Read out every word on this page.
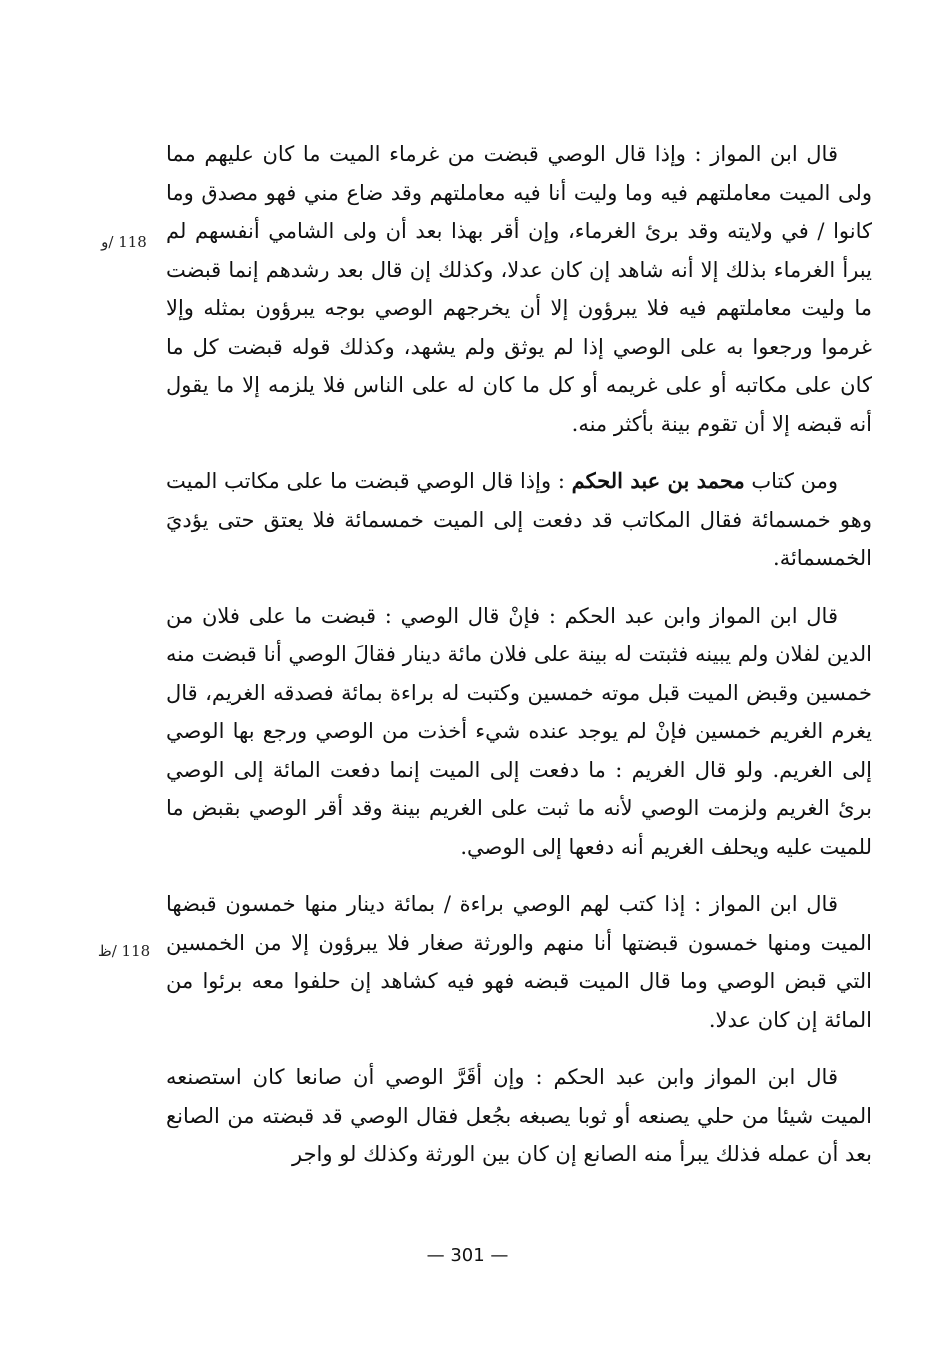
118 /و
118 /ظ

قال ابن المواز : وإذا قال الوصي قبضت من غرماء الميت ما كان عليهم مما ولى الميت معاملتهم فيه وما وليت أنا فيه معاملتهم وقد ضاع مني فهو مصدق وما كانوا / في ولايته وقد برئ الغرماء، وإن أقر بهذا بعد أن ولى الشامي أنفسهم لم يبرأ الغرماء بذلك إلا أنه شاهد إن كان عدلا، وكذلك إن قال بعد رشدهم إنما قبضت ما وليت معاملتهم فيه فلا يبرؤون إلا أن يخرجهم الوصي بوجه يبرؤون بمثله وإلا غرموا ورجعوا به على الوصي إذا لم يوثق ولم يشهد، وكذلك قوله قبضت كل ما كان على مكاتبه أو على غريمه أو كل ما كان له على الناس فلا يلزمه إلا ما يقول أنه قبضه إلا أن تقوم بينة بأكثر منه.

ومن كتاب محمد بن عبد الحكم : وإذا قال الوصي قبضت ما على مكاتب الميت وهو خمسمائة فقال المكاتب قد دفعت إلى الميت خمسمائة فلا يعتق حتى يؤديَ الخمسمائة.

قال ابن المواز وابن عبد الحكم : فإنْ قال الوصي : قبضت ما على فلان من الدين لفلان ولم يبينه فثبتت له بينة على فلان مائة دينار فقالَ الوصي أنا قبضت منه خمسين وقبض الميت قبل موته خمسين وكتبت له براءة بمائة فصدقه الغريم، قال يغرم الغريم خمسين فإنْ لم يوجد عنده شيء أخذت من الوصي ورجع بها الوصي إلى الغريم. ولو قال الغريم : ما دفعت إلى الميت إنما دفعت المائة إلى الوصي برئ الغريم ولزمت الوصي لأنه ما ثبت على الغريم بينة وقد أقر الوصي بقبض ما للميت عليه ويحلف الغريم أنه دفعها إلى الوصي.

قال ابن المواز : إذا كتب لهم الوصي براءة / بمائة دينار منها خمسون قبضها الميت ومنها خمسون قبضتها أنا منهم والورثة صغار فلا يبرؤون إلا من الخمسين التي قبض الوصي وما قال الميت قبضه فهو فيه كشاهد إن حلفوا معه برئوا من المائة إن كان عدلا.

قال ابن المواز وابن عبد الحكم : وإن أقَرَّ الوصي أن صانعا كان استصنعه الميت شيئا من حلي يصنعه أو ثوبا يصبغه بجُعل فقال الوصي قد قبضته من الصانع بعد أن عمله فذلك يبرأ منه الصانع إن كان بين الورثة وكذلك لو واجر

— 301 —
